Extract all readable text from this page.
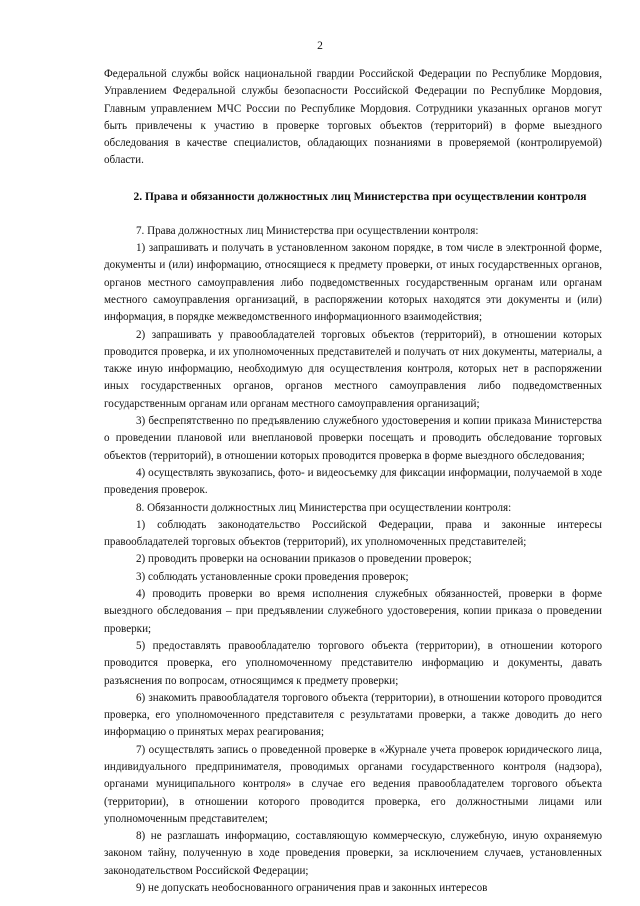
2

Федеральной службы войск национальной гвардии Российской Федерации по Республике Мордовия, Управлением Федеральной службы безопасности Российской Федерации по Республике Мордовия, Главным управлением МЧС России по Республике Мордовия. Сотрудники указанных органов могут быть привлечены к участию в проверке торговых объектов (территорий) в форме выездного обследования в качестве специалистов, обладающих познаниями в проверяемой (контролируемой) области.

2. Права и обязанности должностных лиц Министерства при осуществлении контроля

7. Права должностных лиц Министерства при осуществлении контроля:

1) запрашивать и получать в установленном законом порядке, в том числе в электронной форме, документы и (или) информацию, относящиеся к предмету проверки, от иных государственных органов, органов местного самоуправления либо подведомственных государственным органам или органам местного самоуправления организаций, в распоряжении которых находятся эти документы и (или) информация, в порядке межведомственного информационного взаимодействия;

2) запрашивать у правообладателей торговых объектов (территорий), в отношении которых проводится проверка, и их уполномоченных представителей и получать от них документы, материалы, а также иную информацию, необходимую для осуществления контроля, которых нет в распоряжении иных государственных органов, органов местного самоуправления либо подведомственных государственным органам или органам местного самоуправления организаций;

3) беспрепятственно по предъявлению служебного удостоверения и копии приказа Министерства о проведении плановой или внеплановой проверки посещать и проводить обследование торговых объектов (территорий), в отношении которых проводится проверка в форме выездного обследования;

4) осуществлять звукозапись, фото- и видеосъемку для фиксации информации, получаемой в ходе проведения проверок.

8. Обязанности должностных лиц Министерства при осуществлении контроля:

1) соблюдать законодательство Российской Федерации, права и законные интересы правообладателей торговых объектов (территорий), их уполномоченных представителей;

2) проводить проверки на основании приказов о проведении проверок;

3) соблюдать установленные сроки проведения проверок;

4) проводить проверки во время исполнения служебных обязанностей, проверки в форме выездного обследования – при предъявлении служебного удостоверения, копии приказа о проведении проверки;

5) предоставлять правообладателю торгового объекта (территории), в отношении которого проводится проверка, его уполномоченному представителю информацию и документы, давать разъяснения по вопросам, относящимся к предмету проверки;

6) знакомить правообладателя торгового объекта (территории), в отношении которого проводится проверка, его уполномоченного представителя с результатами проверки, а также доводить до него информацию о принятых мерах реагирования;

7) осуществлять запись о проведенной проверке в «Журнале учета проверок юридического лица, индивидуального предпринимателя, проводимых органами государственного контроля (надзора), органами муниципального контроля» в случае его ведения правообладателем торгового объекта (территории), в отношении которого проводится проверка, его должностными лицами или уполномоченным представителем;

8) не разглашать информацию, составляющую коммерческую, служебную, иную охраняемую законом тайну, полученную в ходе проведения проверки, за исключением случаев, установленных законодательством Российской Федерации;

9) не допускать необоснованного ограничения прав и законных интересов
